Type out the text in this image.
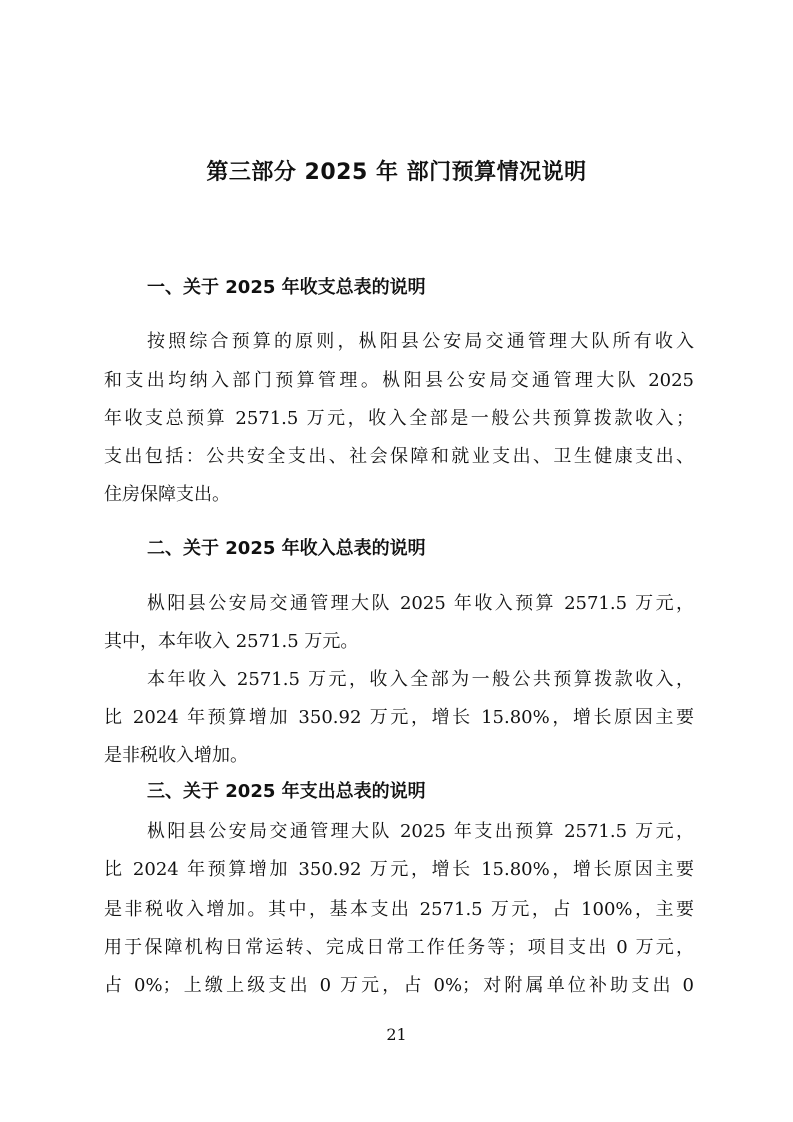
第三部分 2025 年 部门预算情况说明
一、关于 2025 年收支总表的说明
按照综合预算的原则，枞阳县公安局交通管理大队所有收入
和支出均纳入部门预算管理。枞阳县公安局交通管理大队 2025
年收支总预算 2571.5 万元，收入全部是一般公共预算拨款收入；
支出包括：公共安全支出、社会保障和就业支出、卫生健康支出、
住房保障支出。
二、关于 2025 年收入总表的说明
枞阳县公安局交通管理大队 2025 年收入预算 2571.5 万元，
其中，本年收入 2571.5 万元。
本年收入 2571.5 万元，收入全部为一般公共预算拨款收入，
比 2024 年预算增加 350.92 万元，增长 15.80%，增长原因主要
是非税收入增加。
三、关于 2025 年支出总表的说明
枞阳县公安局交通管理大队 2025 年支出预算 2571.5 万元，
比 2024 年预算增加 350.92 万元，增长 15.80%，增长原因主要
是非税收入增加。其中，基本支出 2571.5 万元，占 100%，主要
用于保障机构日常运转、完成日常工作任务等；项目支出 0 万元，
占 0%；上缴上级支出 0 万元，占 0%；对附属单位补助支出 0
21
